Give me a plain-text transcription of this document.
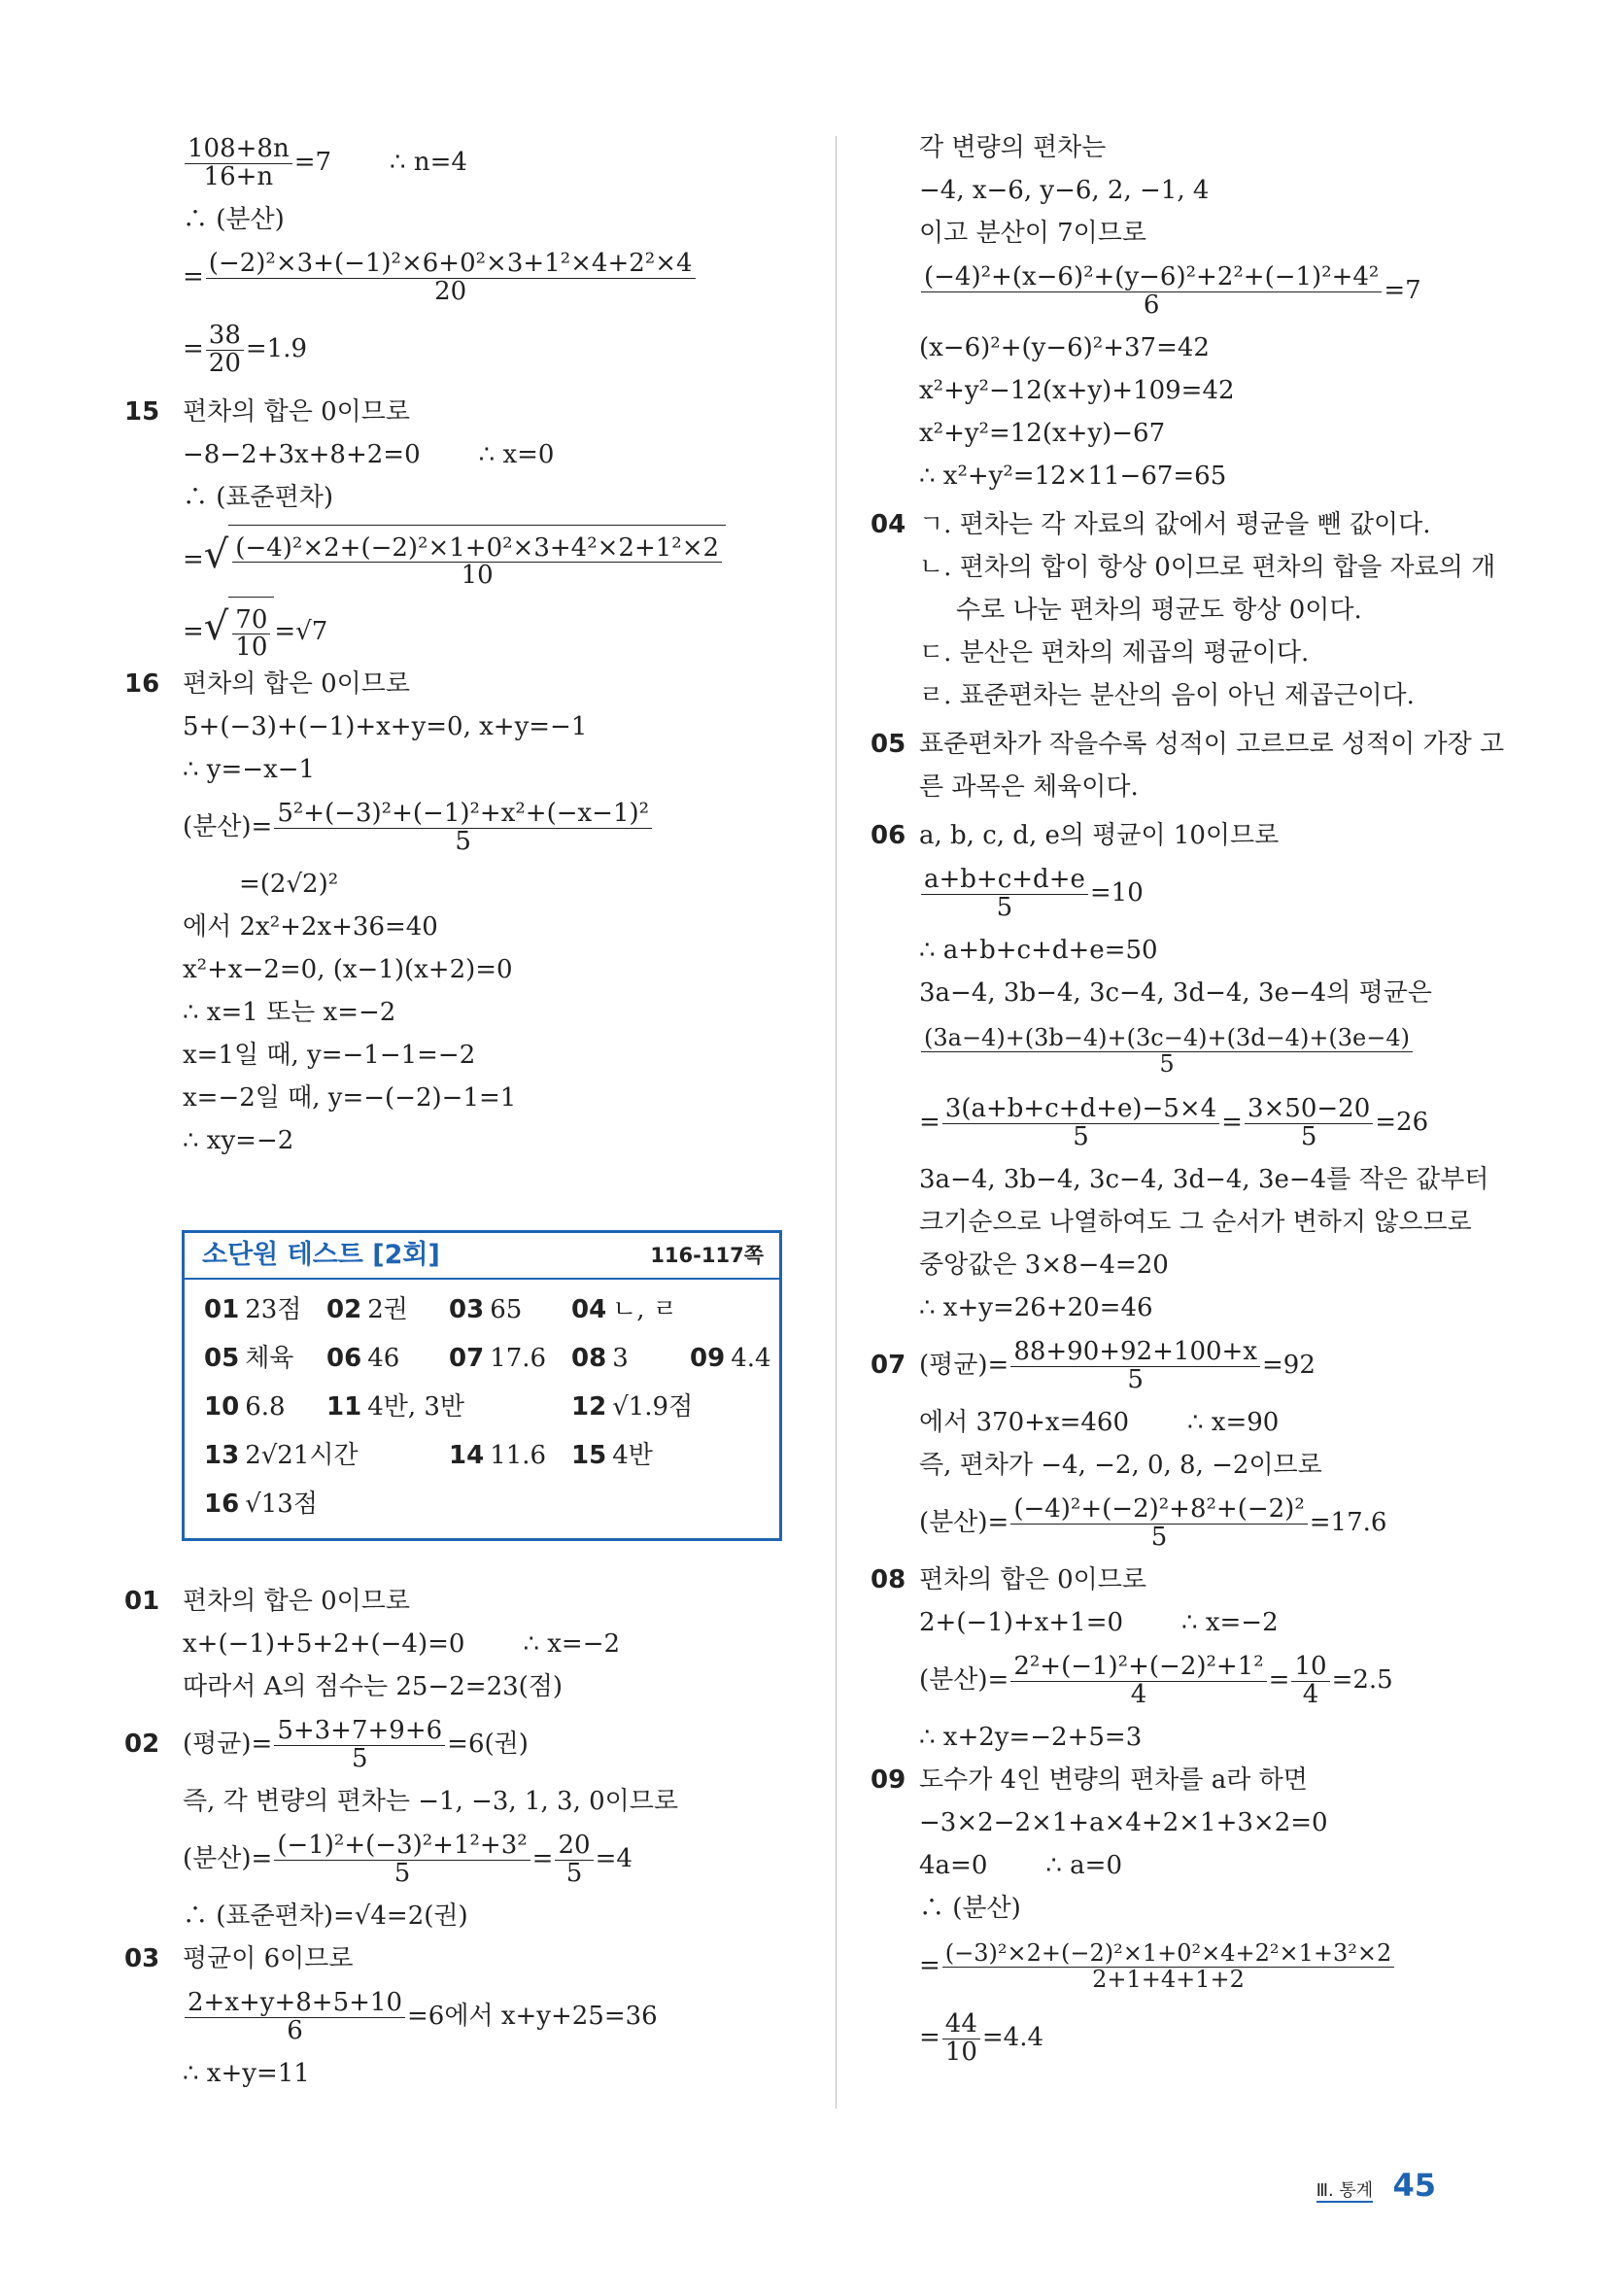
$\frac{108+8n}{16+n} =7$ ∴ n=4
∴ (분산)
= $\frac{\text{(−2)²×3+(−1)²×6+0²×3+1²×4+2²×4}}{20}$
= $\frac{38}{20} =1.9$
15 편차의 합은 0이므로
−8−2+3x+8+2=0 ∴ x=0
∴ (표준편차)
=√ $\frac{\text{(−4)²×2+(−2)²×1+0²×3+4²×2+1²×2}}{10}$
=√ $\frac{70}{10} =√7$
16 편차의 합은 0이므로
5+(−3)+(−1)+x+y=0, x+y=−1
∴ y=−x−1
(분산)= $\frac{\text{5²+(−3)²+(−1)²+x²+(−x−1)²}}{5}$
=(2√2)²
에서 2x²+2x+36=40
x²+x−2=0, (x−1)(x+2)=0
∴ x=1 또는 x=−2
x=1일 때, y=−1−1=−2
x=−2일 때, y=−(−2)−1=1
∴ xy=−2
소단원 테스트 [2회]	116-117쪽
01 23점 02 2권 03 65 04 ㄴ, ㄹ
05 체육 06 46 07 17.6 08 3 09 4.4
10 6.8 11 4반, 3반	12 √1.9점
13 2√21시간	14 11.6 15 4반
16 √13점
01 편차의 합은 0이므로
x+(−1)+5+2+(−4)=0 ∴ x=−2
따라서 A의 점수는 25−2=23(점)
02 (평균)= $\frac{5+3+7+9+6}{5} =6$(권)
즉, 각 변량의 편차는 −1, −3, 1, 3, 0이므로
(분산)= $\frac{\text{(−1)²+(−3)²+1²+3²}}{5} = \frac{20}{5} =4$
∴ (표준편차)=√4=2(권)
03 평균이 6이므로
$\frac{2+x+y+8+5+10}{6} =6$에서 x+y+25=36
∴ x+y=11
각 변량의 편차는
−4, x−6, y−6, 2, −1, 4
이고 분산이 7이므로
$\frac{\text{(−4)²+(x−6)²+(y−6)²+2²+(−1)²+4²}}{6} =7$
(x−6)²+(y−6)²+37=42
x²+y²−12(x+y)+109=42
x²+y²=12(x+y)−67
∴ x²+y²=12×11−67=65
04 ㄱ. 편차는 각 자료의 값에서 평균을 뺀 값이다.
ㄴ. 편차의 합이 항상 0이므로 편차의 합을 자료의 개
수로 나눈 편차의 평균도 항상 0이다.
ㄷ. 분산은 편차의 제곱의 평균이다.
ㄹ. 표준편차는 분산의 음이 아닌 제곱근이다.
05 표준편차가 작을수록 성적이 고르므로 성적이 가장 고
른 과목은 체육이다.
06 a, b, c, d, e의 평균이 10이므로
$\frac{a+b+c+d+e}{5} =10$
∴ a+b+c+d+e=50
3a−4, 3b−4, 3c−4, 3d−4, 3e−4의 평균은
$\frac{(3a-4)+(3b-4)+(3c-4)+(3d-4)+(3e-4)}{5}$
= $\frac{3(a+b+c+d+e)-5\times 4}{5} = \frac{3\times 50-20}{5} =26$
3a−4, 3b−4, 3c−4, 3d−4, 3e−4를 작은 값부터
크기순으로 나열하여도 그 순서가 변하지 않으므로
중앙값은 3×8−4=20
∴ x+y=26+20=46
07 (평균)= $\frac{88+90+92+100+x}{5} =92$
에서 370+x=460 ∴ x=90
즉, 편차가 −4, −2, 0, 8, −2이므로
(분산)= $\frac{\text{(−4)²+(−2)²+8²+(−2)²}}{5} =17.6$
08 편차의 합은 0이므로
2+(−1)+x+1=0 ∴ x=−2
(분산)= $\frac{\text{2²+(−1)²+(−2)²+1²}}{4} = \frac{10}{4} =2.5$
∴ x+2y=−2+5=3
09 도수가 4인 변량의 편차를 a라 하면
−3×2−2×1+a×4+2×1+3×2=0
4a=0 ∴ a=0
∴ (분산)
= $\frac{\text{(−3)²×2+(−2)²×1+0²×4+2²×1+3²×2}}{2+1+4+1+2}$
= $\frac{44}{10} =4.4$
Ⅲ. 통계 45
